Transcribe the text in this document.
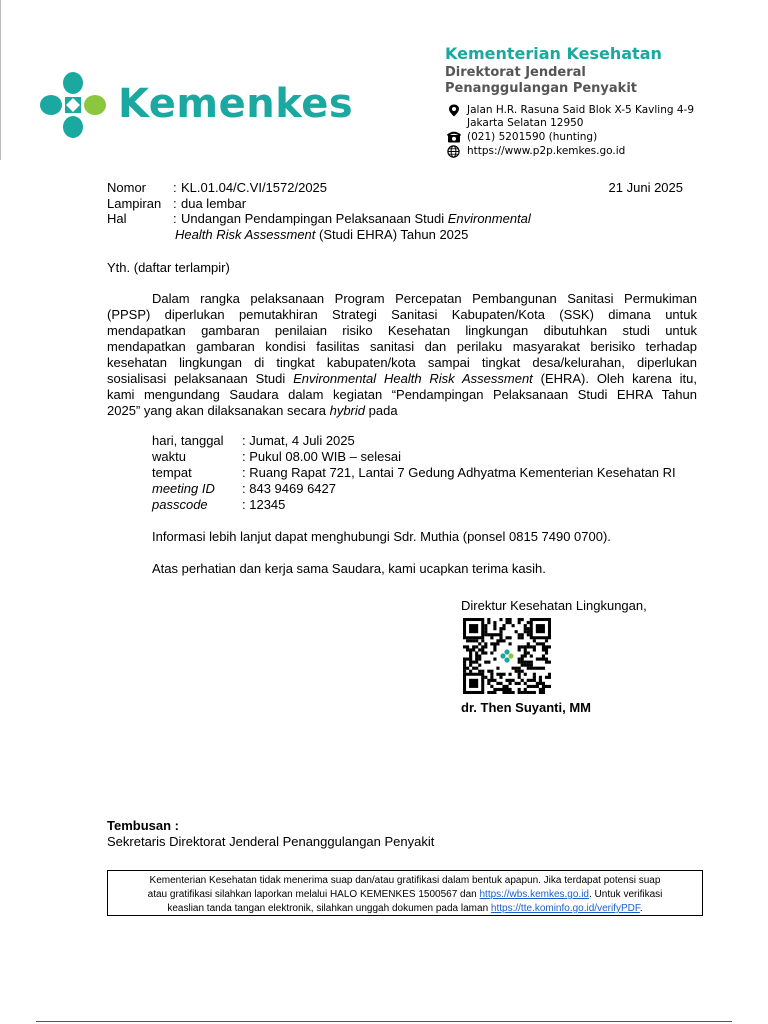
Kemenkes
Kementerian Kesehatan
Direktorat Jenderal
Penanggulangan Penyakit
Jalan H.R. Rasuna Said Blok X-5 Kavling 4-9
Jakarta Selatan 12950
(021) 5201590 (hunting)
https://www.p2p.kemkes.go.id
Nomor : KL.01.04/C.VI/1572/2025	21 Juni 2025
Lampiran : dua lembar
Hal	: Undangan Pendampingan Pelaksanaan Studi Environmental
Health Risk Assessment (Studi EHRA) Tahun 2025
Yth. (daftar terlampir)
Dalam rangka pelaksanaan Program Percepatan Pembangunan Sanitasi Permukiman
(PPSP) diperlukan pemutakhiran Strategi Sanitasi Kabupaten/Kota (SSK) dimana untuk
mendapatkan gambaran penilaian risiko Kesehatan lingkungan dibutuhkan studi untuk
mendapatkan gambaran kondisi fasilitas sanitasi dan perilaku masyarakat berisiko terhadap
kesehatan lingkungan di tingkat kabupaten/kota sampai tingkat desa/kelurahan, diperlukan
sosialisasi pelaksanaan Studi Environmental Health Risk Assessment (EHRA). Oleh karena itu,
kami mengundang Saudara dalam kegiatan “Pendampingan Pelaksanaan Studi EHRA Tahun
2025” yang akan dilaksanakan secara hybrid pada
hari, tanggal : Jumat, 4 Juli 2025
waktu	: Pukul 08.00 WIB – selesai
tempat	: Ruang Rapat 721, Lantai 7 Gedung Adhyatma Kementerian Kesehatan RI
meeting ID : 843 9469 6427
passcode	: 12345
Informasi lebih lanjut dapat menghubungi Sdr. Muthia (ponsel 0815 7490 0700).
Atas perhatian dan kerja sama Saudara, kami ucapkan terima kasih.
Direktur Kesehatan Lingkungan,
dr. Then Suyanti, MM
Tembusan :
Sekretaris Direktorat Jenderal Penanggulangan Penyakit
Kementerian Kesehatan tidak menerima suap dan/atau gratifikasi dalam bentuk apapun. Jika terdapat potensi suap
atau gratifikasi silahkan laporkan melalui HALO KEMENKES 1500567 dan https://wbs.kemkes.go.id. Untuk verifikasi
keaslian tanda tangan elektronik, silahkan unggah dokumen pada laman https://tte.kominfo.go.id/verifyPDF.
